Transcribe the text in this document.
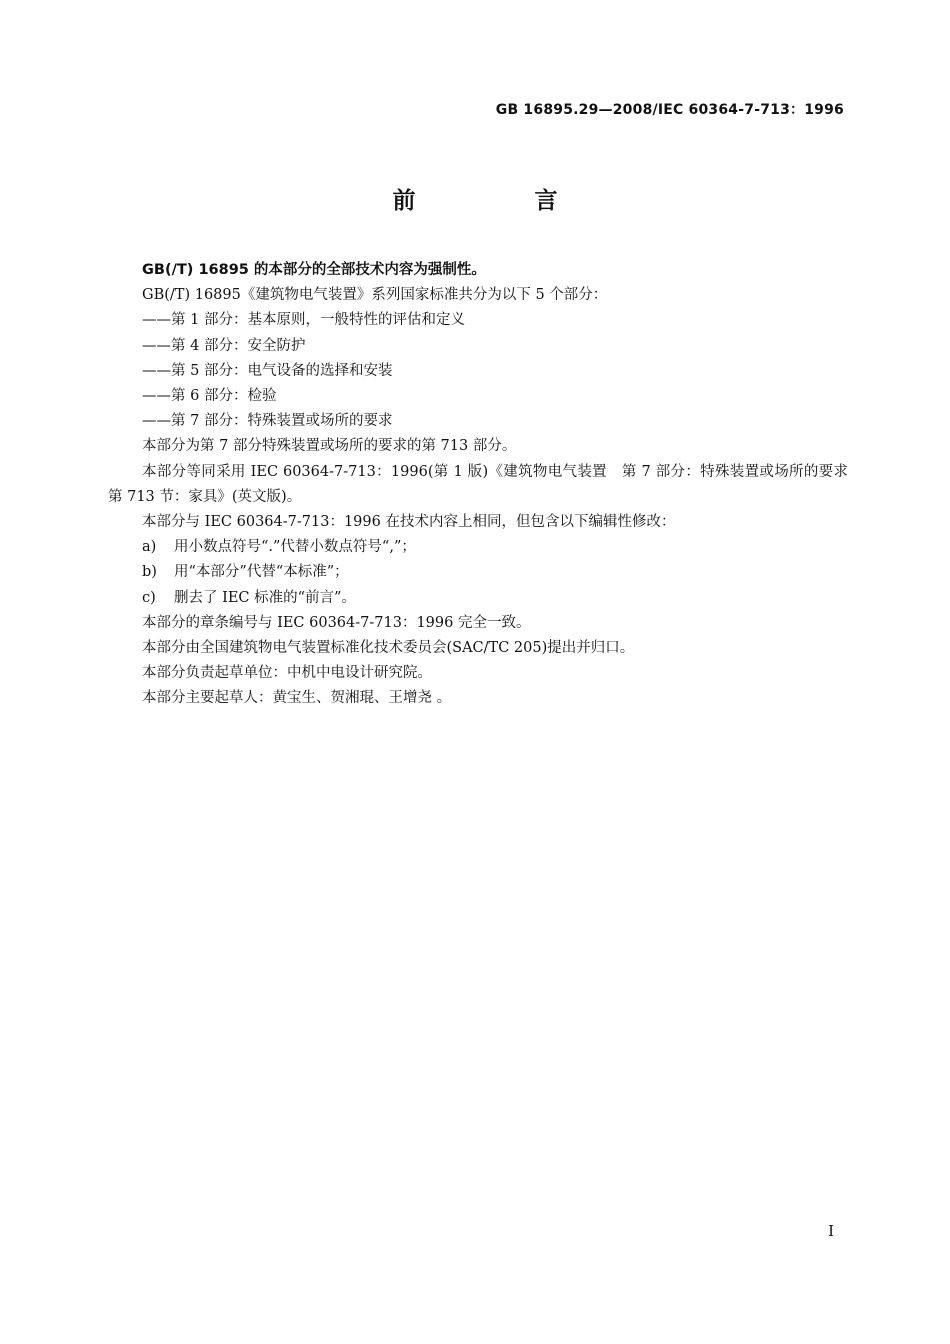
GB 16895.29—2008/IEC 60364-7-713：1996
前　言
GB(/T) 16895 的本部分的全部技术内容为强制性。
GB(/T) 16895《建筑物电气装置》系列国家标准共分为以下 5 个部分：
——第 1 部分：基本原则，一般特性的评估和定义
——第 4 部分：安全防护
——第 5 部分：电气设备的选择和安装
——第 6 部分：检验
——第 7 部分：特殊装置或场所的要求
本部分为第 7 部分特殊装置或场所的要求的第 713 部分。
本部分等同采用 IEC 60364-7-713：1996(第 1 版)《建筑物电气装置　第 7 部分：特殊装置或场所的要求　第 713 节：家具》(英文版)。
本部分与 IEC 60364-7-713：1996 在技术内容上相同，但包含以下编辑性修改：
a) 用小数点符号“.”代替小数点符号“,”；
b) 用“本部分”代替“本标准”；
c) 删去了 IEC 标准的“前言”。
本部分的章条编号与 IEC 60364-7-713：1996 完全一致。
本部分由全国建筑物电气装置标准化技术委员会(SAC/TC 205)提出并归口。
本部分负责起草单位：中机中电设计研究院。
本部分主要起草人：黄宝生、贺湘琨、王增尧 。
I
